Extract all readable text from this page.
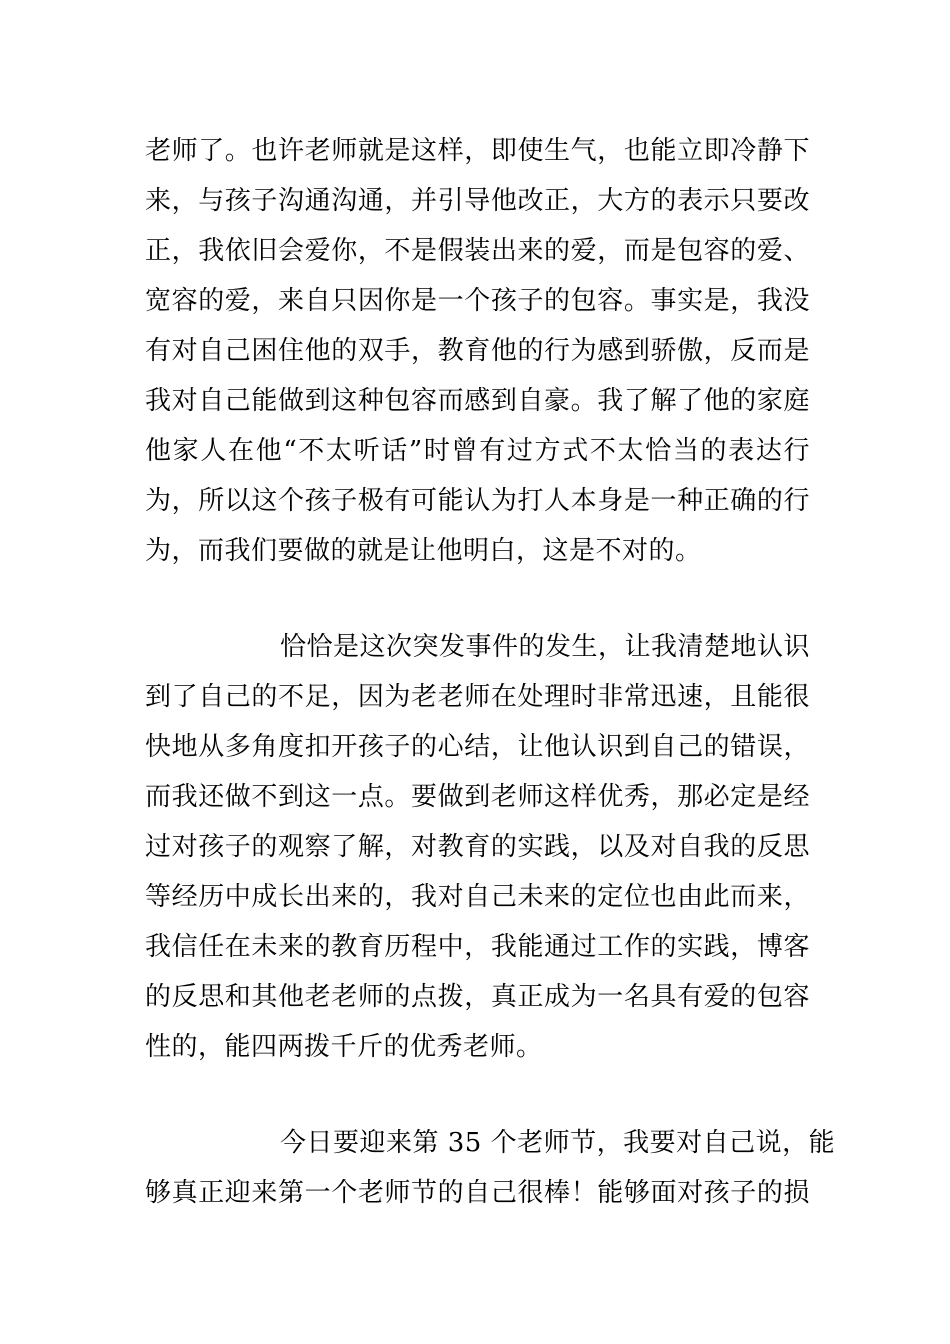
老师了。也许老师就是这样，即使生气，也能立即冷静下
来，与孩子沟通沟通，并引导他改正，大方的表示只要改
正，我依旧会爱你，不是假装出来的爱，而是包容的爱、
宽容的爱，来自只因你是一个孩子的包容。事实是，我没
有对自己困住他的双手，教育他的行为感到骄傲，反而是
我对自己能做到这种包容而感到自豪。我了解了他的家庭
他家人在他“不太听话”时曾有过方式不太恰当的表达行
为，所以这个孩子极有可能认为打人本身是一种正确的行
为，而我们要做的就是让他明白，这是不对的。
恰恰是这次突发事件的发生，让我清楚地认识
到了自己的不足，因为老老师在处理时非常迅速，且能很
快地从多角度扣开孩子的心结，让他认识到自己的错误，
而我还做不到这一点。要做到老师这样优秀，那必定是经
过对孩子的观察了解，对教育的实践，以及对自我的反思
等经历中成长出来的，我对自己未来的定位也由此而来，
我信任在未来的教育历程中，我能通过工作的实践，博客
的反思和其他老老师的点拨，真正成为一名具有爱的包容
性的，能四两拨千斤的优秀老师。
今日要迎来第 35 个老师节，我要对自己说，能
够真正迎来第一个老师节的自己很棒！能够面对孩子的损
